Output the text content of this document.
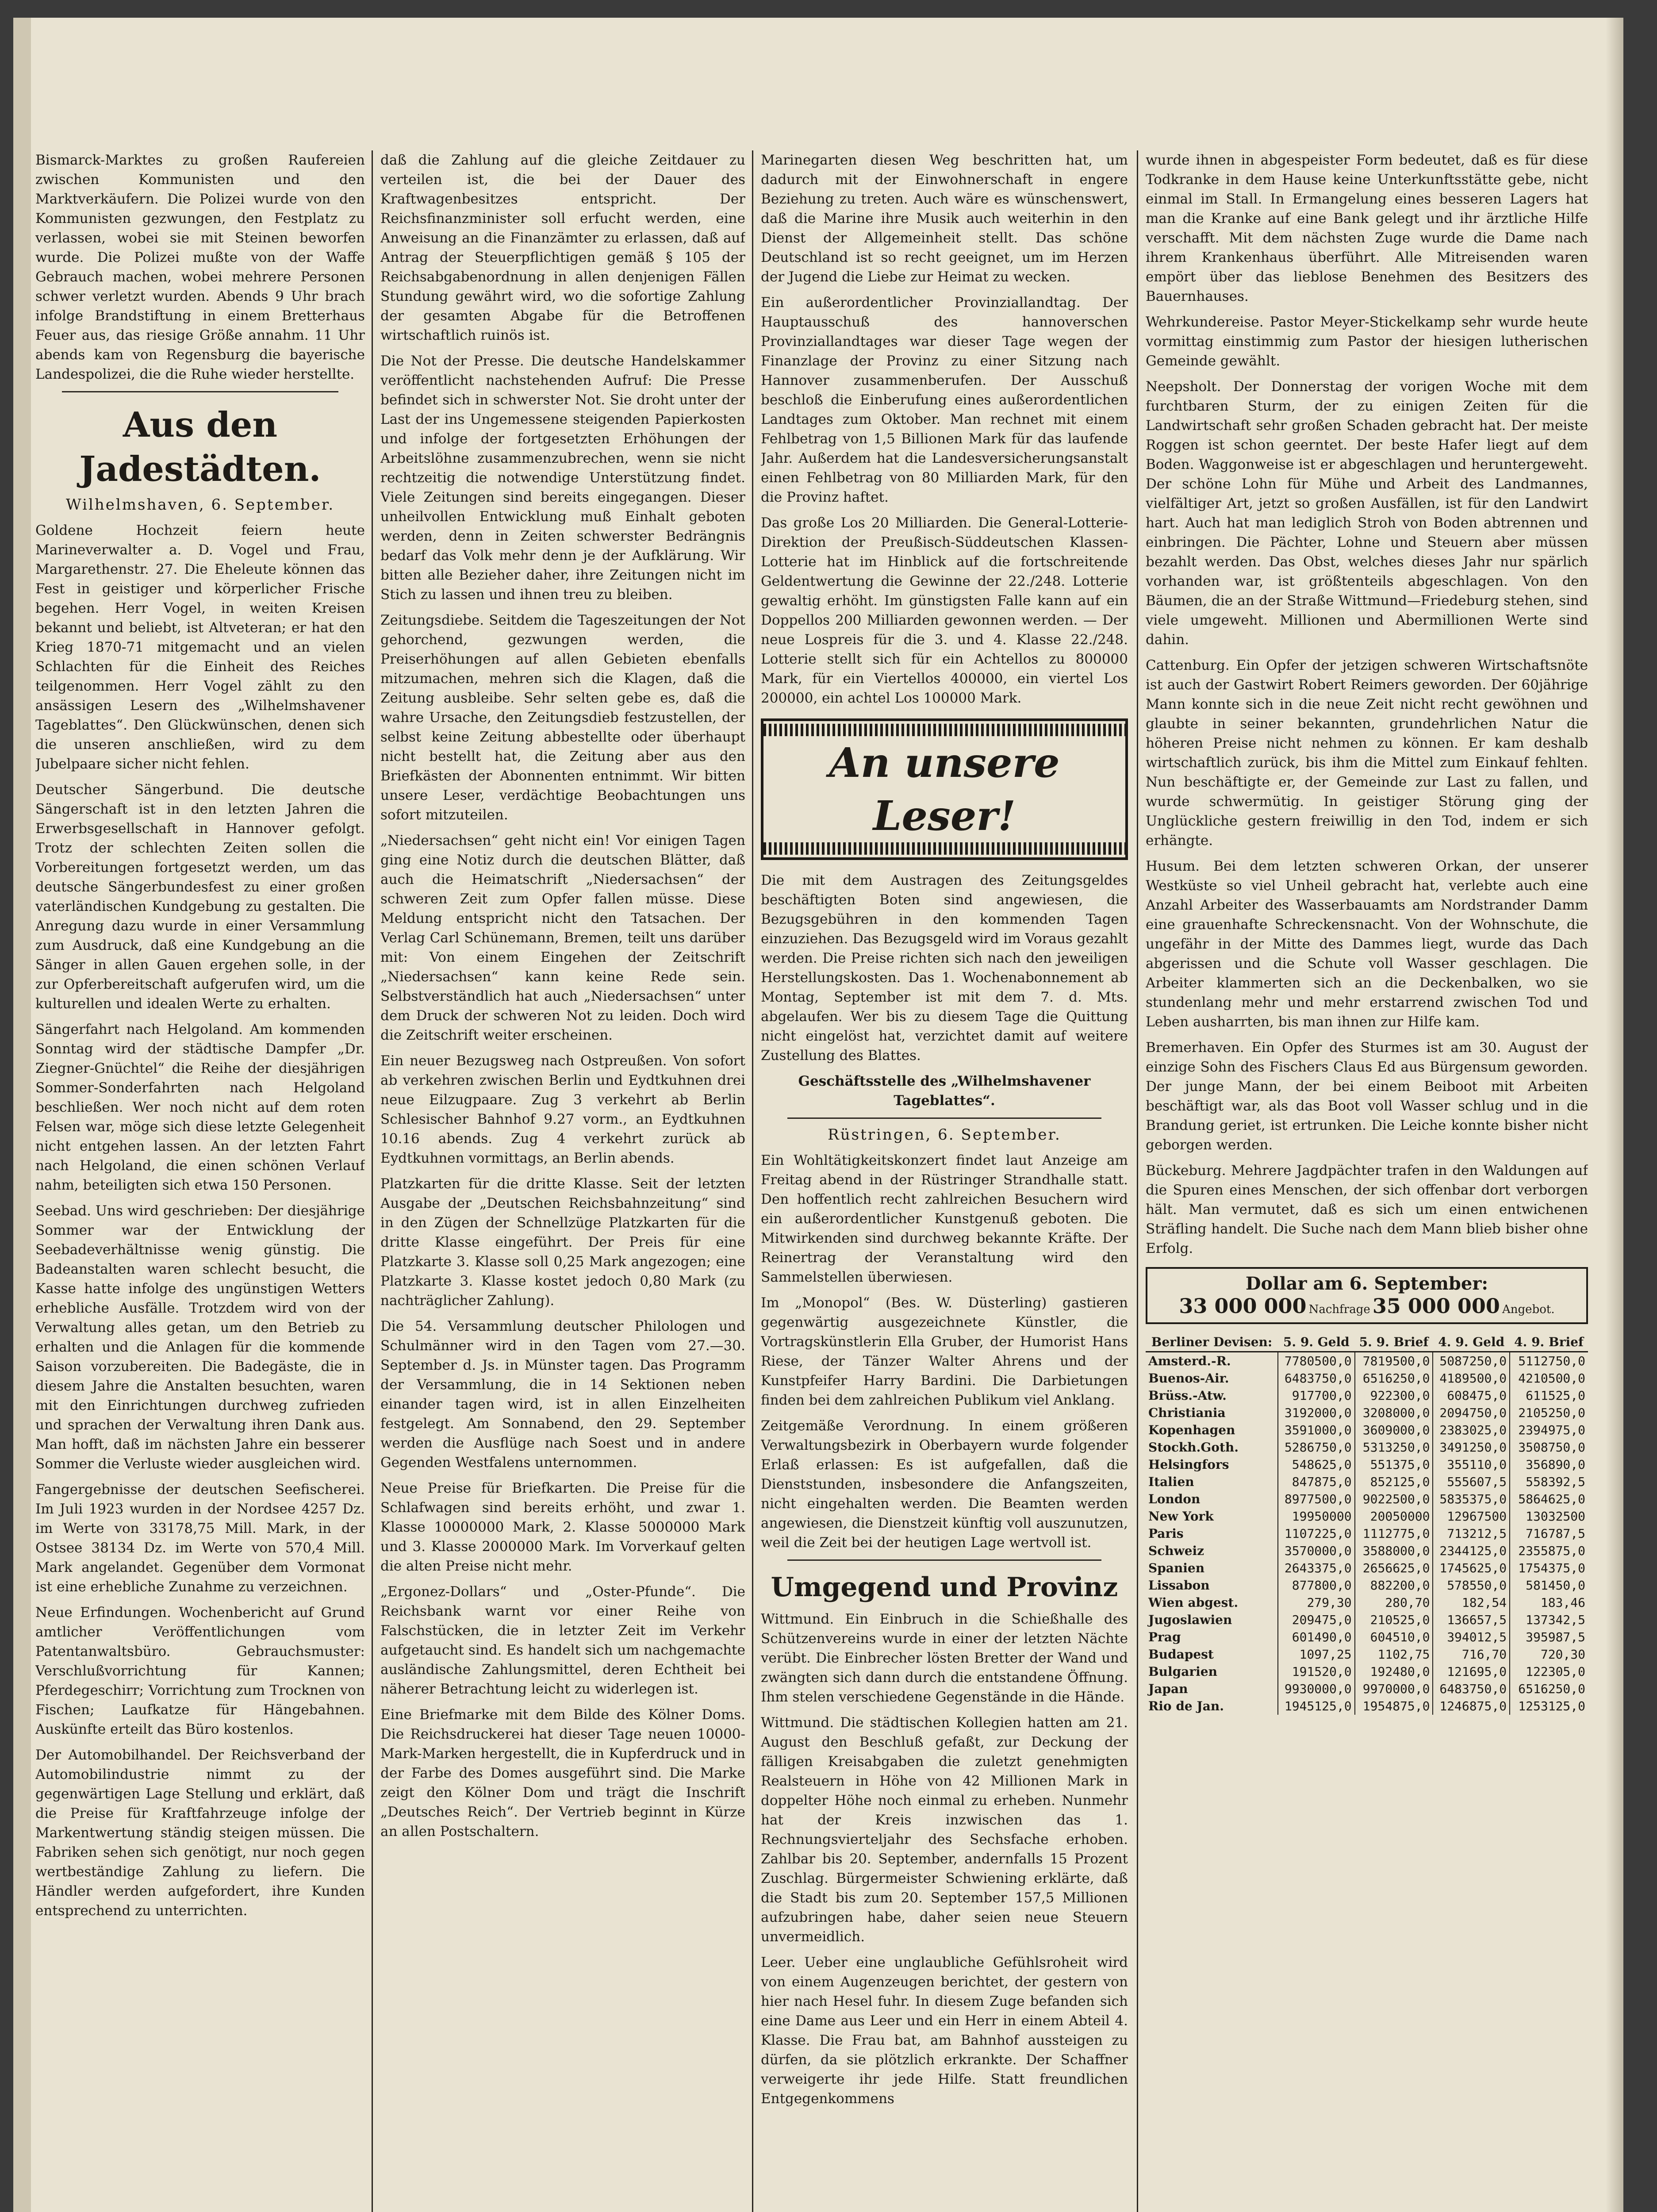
Bismarck-Marktes zu großen Raufereien zwischen Kommunisten und den Marktverkäufern. Die Polizei wurde von den Kommunisten gezwungen, den Festplatz zu verlassen, wobei sie mit Steinen beworfen wurde. Die Polizei mußte von der Waffe Gebrauch machen, wobei mehrere Personen schwer verletzt wurden. Abends 9 Uhr brach infolge Brandstiftung in einem Bretterhaus Feuer aus, das riesige Größe annahm. 11 Uhr abends kam von Regensburg die bayerische Landespolizei, die die Ruhe wieder herstellte.

Aus den Jadestädten.
Wilhelmshaven, 6. September.

Goldene Hochzeit feiern heute Marineverwalter a. D. Vogel und Frau, Margarethenstr. 27. Die Eheleute können das Fest in geistiger und körperlicher Frische begehen. Herr Vogel, in weiten Kreisen bekannt und beliebt, ist Altveteran; er hat den Krieg 1870-71 mitgemacht und an vielen Schlachten für die Einheit des Reiches teilgenommen. Herr Vogel zählt zu den ansässigen Lesern des „Wilhelmshavener Tageblattes“. Den Glückwünschen, denen sich die unseren anschließen, wird zu dem Jubelpaare sicher nicht fehlen.

Deutscher Sängerbund. Die deutsche Sängerschaft ist in den letzten Jahren die Erwerbsgesellschaft in Hannover gefolgt. Trotz der schlechten Zeiten sollen die Vorbereitungen fortgesetzt werden, um das deutsche Sängerbundesfest zu einer großen vaterländischen Kundgebung zu gestalten. Die Anregung dazu wurde in einer Versammlung zum Ausdruck, daß eine Kundgebung an die Sänger in allen Gauen ergehen solle, in der zur Opferbereitschaft aufgerufen wird, um die kulturellen und idealen Werte zu erhalten.

Sängerfahrt nach Helgoland. Am kommenden Sonntag wird der städtische Dampfer „Dr. Ziegner-Gnüchtel“ die Reihe der diesjährigen Sommer-Sonderfahrten nach Helgoland beschließen. Wer noch nicht auf dem roten Felsen war, möge sich diese letzte Gelegenheit nicht entgehen lassen. An der letzten Fahrt nach Helgoland, die einen schönen Verlauf nahm, beteiligten sich etwa 150 Personen.

Seebad. Uns wird geschrieben: Der diesjährige Sommer war der Entwicklung der Seebadeverhältnisse wenig günstig. Die Badeanstalten waren schlecht besucht, die Kasse hatte infolge des ungünstigen Wetters erhebliche Ausfälle. Trotzdem wird von der Verwaltung alles getan, um den Betrieb zu erhalten und die Anlagen für die kommende Saison vorzubereiten. Die Badegäste, die in diesem Jahre die Anstalten besuchten, waren mit den Einrichtungen durchweg zufrieden und sprachen der Verwaltung ihren Dank aus. Man hofft, daß im nächsten Jahre ein besserer Sommer die Verluste wieder ausgleichen wird.

Fangergebnisse der deutschen Seefischerei. Im Juli 1923 wurden in der Nordsee 4257 Dz. im Werte von 33178,75 Mill. Mark, in der Ostsee 38134 Dz. im Werte von 570,4 Mill. Mark angelandet. Gegenüber dem Vormonat ist eine erhebliche Zunahme zu verzeichnen.

Neue Erfindungen. Wochenbericht auf Grund amtlicher Veröffentlichungen vom Patentanwaltsbüro. Gebrauchsmuster: Verschlußvorrichtung für Kannen; Pferdegeschirr; Vorrichtung zum Trocknen von Fischen; Laufkatze für Hängebahnen. Auskünfte erteilt das Büro kostenlos.

Der Automobilhandel. Der Reichsverband der Automobilindustrie nimmt zu der gegenwärtigen Lage Stellung und erklärt, daß die Preise für Kraftfahrzeuge infolge der Markentwertung ständig steigen müssen. Die Fabriken sehen sich genötigt, nur noch gegen wertbeständige Zahlung zu liefern. Die Händler werden aufgefordert, ihre Kunden entsprechend zu unterrichten.

daß die Zahlung auf die gleiche Zeitdauer zu verteilen ist, die bei der Dauer des Kraftwagenbesitzes entspricht. Der Reichsfinanzminister soll erfucht werden, eine Anweisung an die Finanzämter zu erlassen, daß auf Antrag der Steuerpflichtigen gemäß § 105 der Reichsabgabenordnung in allen denjenigen Fällen Stundung gewährt wird, wo die sofortige Zahlung der gesamten Abgabe für die Betroffenen wirtschaftlich ruinös ist.

Die Not der Presse. Die deutsche Handelskammer veröffentlicht nachstehenden Aufruf: Die Presse befindet sich in schwerster Not. Sie droht unter der Last der ins Ungemessene steigenden Papierkosten und infolge der fortgesetzten Erhöhungen der Arbeitslöhne zusammenzubrechen, wenn sie nicht rechtzeitig die notwendige Unterstützung findet. Viele Zeitungen sind bereits eingegangen. Dieser unheilvollen Entwicklung muß Einhalt geboten werden, denn in Zeiten schwerster Bedrängnis bedarf das Volk mehr denn je der Aufklärung. Wir bitten alle Bezieher daher, ihre Zeitungen nicht im Stich zu lassen und ihnen treu zu bleiben.

Zeitungsdiebe. Seitdem die Tageszeitungen der Not gehorchend, gezwungen werden, die Preiserhöhungen auf allen Gebieten ebenfalls mitzumachen, mehren sich die Klagen, daß die Zeitung ausbleibe. Sehr selten gebe es, daß die wahre Ursache, den Zeitungsdieb festzustellen, der selbst keine Zeitung abbestellte oder überhaupt nicht bestellt hat, die Zeitung aber aus den Briefkästen der Abonnenten entnimmt. Wir bitten unsere Leser, verdächtige Beobachtungen uns sofort mitzuteilen.

„Niedersachsen“ geht nicht ein! Vor einigen Tagen ging eine Notiz durch die deutschen Blätter, daß auch die Heimatschrift „Niedersachsen“ der schweren Zeit zum Opfer fallen müsse. Diese Meldung entspricht nicht den Tatsachen. Der Verlag Carl Schünemann, Bremen, teilt uns darüber mit: Von einem Eingehen der Zeitschrift „Niedersachsen“ kann keine Rede sein. Selbstverständlich hat auch „Niedersachsen“ unter dem Druck der schweren Not zu leiden. Doch wird die Zeitschrift weiter erscheinen.

Ein neuer Bezugsweg nach Ostpreußen. Von sofort ab verkehren zwischen Berlin und Eydtkuhnen drei neue Eilzugpaare. Zug 3 verkehrt ab Berlin Schlesischer Bahnhof 9.27 vorm., an Eydtkuhnen 10.16 abends. Zug 4 verkehrt zurück ab Eydtkuhnen vormittags, an Berlin abends.

Platzkarten für die dritte Klasse. Seit der letzten Ausgabe der „Deutschen Reichsbahnzeitung“ sind in den Zügen der Schnellzüge Platzkarten für die dritte Klasse eingeführt. Der Preis für eine Platzkarte 3. Klasse soll 0,25 Mark angezogen; eine Platzkarte 3. Klasse kostet jedoch 0,80 Mark (zu nachträglicher Zahlung).

Die 54. Versammlung deutscher Philologen und Schulmänner wird in den Tagen vom 27.—30. September d. Js. in Münster tagen. Das Programm der Versammlung, die in 14 Sektionen neben einander tagen wird, ist in allen Einzelheiten festgelegt. Am Sonnabend, den 29. September werden die Ausflüge nach Soest und in andere Gegenden Westfalens unternommen.

Neue Preise für Briefkarten. Die Preise für die Schlafwagen sind bereits erhöht, und zwar 1. Klasse 10000000 Mark, 2. Klasse 5000000 Mark und 3. Klasse 2000000 Mark. Im Vorverkauf gelten die alten Preise nicht mehr.

„Ergonez-Dollars“ und „Oster-Pfunde“. Die Reichsbank warnt vor einer Reihe von Falschstücken, die in letzter Zeit im Verkehr aufgetaucht sind. Es handelt sich um nachgemachte ausländische Zahlungsmittel, deren Echtheit bei näherer Betrachtung leicht zu widerlegen ist.

Eine Briefmarke mit dem Bilde des Kölner Doms. Die Reichsdruckerei hat dieser Tage neuen 10000-Mark-Marken hergestellt, die in Kupferdruck und in der Farbe des Domes ausgeführt sind. Die Marke zeigt den Kölner Dom und trägt die Inschrift „Deutsches Reich“. Der Vertrieb beginnt in Kürze an allen Postschaltern.

Marinegarten diesen Weg beschritten hat, um dadurch mit der Einwohnerschaft in engere Beziehung zu treten. Auch wäre es wünschenswert, daß die Marine ihre Musik auch weiterhin in den Dienst der Allgemeinheit stellt. Das schöne Deutschland ist so recht geeignet, um im Herzen der Jugend die Liebe zur Heimat zu wecken.

Ein außerordentlicher Provinziallandtag. Der Hauptausschuß des hannoverschen Provinziallandtages war dieser Tage wegen der Finanzlage der Provinz zu einer Sitzung nach Hannover zusammenberufen. Der Ausschuß beschloß die Einberufung eines außerordentlichen Landtages zum Oktober. Man rechnet mit einem Fehlbetrag von 1,5 Billionen Mark für das laufende Jahr. Außerdem hat die Landesversicherungsanstalt einen Fehlbetrag von 80 Milliarden Mark, für den die Provinz haftet.

Das große Los 20 Milliarden. Die General-Lotterie-Direktion der Preußisch-Süddeutschen Klassen-Lotterie hat im Hinblick auf die fortschreitende Geldentwertung die Gewinne der 22./248. Lotterie gewaltig erhöht. Im günstigsten Falle kann auf ein Doppellos 200 Milliarden gewonnen werden. — Der neue Lospreis für die 3. und 4. Klasse 22./248. Lotterie stellt sich für ein Achtellos zu 800000 Mark, für ein Viertellos 400000, ein viertel Los 200000, ein achtel Los 100000 Mark.

An unsere Leser!

Die mit dem Austragen des Zeitungsgeldes beschäftigten Boten sind angewiesen, die Bezugsgebühren in den kommenden Tagen einzuziehen. Das Bezugsgeld wird im Voraus gezahlt werden. Die Preise richten sich nach den jeweiligen Herstellungskosten. Das 1. Wochenabonnement ab Montag, September ist mit dem 7. d. Mts. abgelaufen. Wer bis zu diesem Tage die Quittung nicht eingelöst hat, verzichtet damit auf weitere Zustellung des Blattes.

Geschäftsstelle des „Wilhelmshavener Tageblattes“.

Rüstringen, 6. September.

Ein Wohltätigkeitskonzert findet laut Anzeige am Freitag abend in der Rüstringer Strandhalle statt. Den hoffentlich recht zahlreichen Besuchern wird ein außerordentlicher Kunstgenuß geboten. Die Mitwirkenden sind durchweg bekannte Kräfte. Der Reinertrag der Veranstaltung wird den Sammelstellen überwiesen.

Im „Monopol“ (Bes. W. Düsterling) gastieren gegenwärtig ausgezeichnete Künstler, die Vortragskünstlerin Ella Gruber, der Humorist Hans Riese, der Tänzer Walter Ahrens und der Kunstpfeifer Harry Bardini. Die Darbietungen finden bei dem zahlreichen Publikum viel Anklang.

Zeitgemäße Verordnung. In einem größeren Verwaltungsbezirk in Oberbayern wurde folgender Erlaß erlassen: Es ist aufgefallen, daß die Dienststunden, insbesondere die Anfangszeiten, nicht eingehalten werden. Die Beamten werden angewiesen, die Dienstzeit künftig voll auszunutzen, weil die Zeit bei der heutigen Lage wertvoll ist.

Umgegend und Provinz

Wittmund. Ein Einbruch in die Schießhalle des Schützenvereins wurde in einer der letzten Nächte verübt. Die Einbrecher lösten Bretter der Wand und zwängten sich dann durch die entstandene Öffnung. Ihm stelen verschiedene Gegenstände in die Hände.

Wittmund. Die städtischen Kollegien hatten am 21. August den Beschluß gefaßt, zur Deckung der fälligen Kreisabgaben die zuletzt genehmigten Realsteuern in Höhe von 42 Millionen Mark in doppelter Höhe noch einmal zu erheben. Nunmehr hat der Kreis inzwischen das 1. Rechnungsvierteljahr des Sechsfache erhoben. Zahlbar bis 20. September, andernfalls 15 Prozent Zuschlag. Bürgermeister Schwiening erklärte, daß die Stadt bis zum 20. September 157,5 Millionen aufzubringen habe, daher seien neue Steuern unvermeidlich.

Leer. Ueber eine unglaubliche Gefühlsroheit wird von einem Augenzeugen berichtet, der gestern von hier nach Hesel fuhr. In diesem Zuge befanden sich eine Dame aus Leer und ein Herr in einem Abteil 4. Klasse. Die Frau bat, am Bahnhof aussteigen zu dürfen, da sie plötzlich erkrankte. Der Schaffner verweigerte ihr jede Hilfe. Statt freundlichen Entgegenkommens

wurde ihnen in abgespeister Form bedeutet, daß es für diese Todkranke in dem Hause keine Unterkunftsstätte gebe, nicht einmal im Stall. In Ermangelung eines besseren Lagers hat man die Kranke auf eine Bank gelegt und ihr ärztliche Hilfe verschafft. Mit dem nächsten Zuge wurde die Dame nach ihrem Krankenhaus überführt. Alle Mitreisenden waren empört über das lieblose Benehmen des Besitzers des Bauernhauses.

Wehrkundereise. Pastor Meyer-Stickelkamp sehr wurde heute vormittag einstimmig zum Pastor der hiesigen lutherischen Gemeinde gewählt.

Neepsholt. Der Donnerstag der vorigen Woche mit dem furchtbaren Sturm, der zu einigen Zeiten für die Landwirtschaft sehr großen Schaden gebracht hat. Der meiste Roggen ist schon geerntet. Der beste Hafer liegt auf dem Boden. Waggonweise ist er abgeschlagen und heruntergeweht. Der schöne Lohn für Mühe und Arbeit des Landmannes, vielfältiger Art, jetzt so großen Ausfällen, ist für den Landwirt hart. Auch hat man lediglich Stroh von Boden abtrennen und einbringen. Die Pächter, Lohne und Steuern aber müssen bezahlt werden. Das Obst, welches dieses Jahr nur spärlich vorhanden war, ist größtenteils abgeschlagen. Von den Bäumen, die an der Straße Wittmund—Friedeburg stehen, sind viele umgeweht. Millionen und Abermillionen Werte sind dahin.

Cattenburg. Ein Opfer der jetzigen schweren Wirtschaftsnöte ist auch der Gastwirt Robert Reimers geworden. Der 60jährige Mann konnte sich in die neue Zeit nicht recht gewöhnen und glaubte in seiner bekannten, grundehrlichen Natur die höheren Preise nicht nehmen zu können. Er kam deshalb wirtschaftlich zurück, bis ihm die Mittel zum Einkauf fehlten. Nun beschäftigte er, der Gemeinde zur Last zu fallen, und wurde schwermütig. In geistiger Störung ging der Unglückliche gestern freiwillig in den Tod, indem er sich erhängte.

Husum. Bei dem letzten schweren Orkan, der unserer Westküste so viel Unheil gebracht hat, verlebte auch eine Anzahl Arbeiter des Wasserbauamts am Nordstrander Damm eine grauenhafte Schreckensnacht. Von der Wohnschute, die ungefähr in der Mitte des Dammes liegt, wurde das Dach abgerissen und die Schute voll Wasser geschlagen. Die Arbeiter klammerten sich an die Deckenbalken, wo sie stundenlang mehr und mehr erstarrend zwischen Tod und Leben ausharrten, bis man ihnen zur Hilfe kam.

Bremerhaven. Ein Opfer des Sturmes ist am 30. August der einzige Sohn des Fischers Claus Ed aus Bürgensum geworden. Der junge Mann, der bei einem Beiboot mit Arbeiten beschäftigt war, als das Boot voll Wasser schlug und in die Brandung geriet, ist ertrunken. Die Leiche konnte bisher nicht geborgen werden.

Bückeburg. Mehrere Jagdpächter trafen in den Waldungen auf die Spuren eines Menschen, der sich offenbar dort verborgen hält. Man vermutet, daß es sich um einen entwichenen Sträfling handelt. Die Suche nach dem Mann blieb bisher ohne Erfolg.

Dollar am 6. September:
33 000 000 Nachfrage 35 000 000 Angebot.
Berliner Devisen:	5. 9. Geld	5. 9. Brief	4. 9. Geld	4. 9. Brief
Amsterd.-R.	7780500,0	7819500,0	5087250,0	5112750,0
Buenos-Air.	6483750,0	6516250,0	4189500,0	4210500,0
Brüss.-Atw.	917700,0	922300,0	608475,0	611525,0
Christiania	3192000,0	3208000,0	2094750,0	2105250,0
Kopenhagen	3591000,0	3609000,0	2383025,0	2394975,0
Stockh.Goth.	5286750,0	5313250,0	3491250,0	3508750,0
Helsingfors	548625,0	551375,0	355110,0	356890,0
Italien	847875,0	852125,0	555607,5	558392,5
London	8977500,0	9022500,0	5835375,0	5864625,0
New York	19950000	20050000	12967500	13032500
Paris	1107225,0	1112775,0	713212,5	716787,5
Schweiz	3570000,0	3588000,0	2344125,0	2355875,0
Spanien	2643375,0	2656625,0	1745625,0	1754375,0
Lissabon	877800,0	882200,0	578550,0	581450,0
Wien abgest.	279,30	280,70	182,54	183,46
Jugoslawien	209475,0	210525,0	136657,5	137342,5
Prag	601490,0	604510,0	394012,5	395987,5
Budapest	1097,25	1102,75	716,70	720,30
Bulgarien	191520,0	192480,0	121695,0	122305,0
Japan	9930000,0	9970000,0	6483750,0	6516250,0
Rio de Jan.	1945125,0	1954875,0	1246875,0	1253125,0
